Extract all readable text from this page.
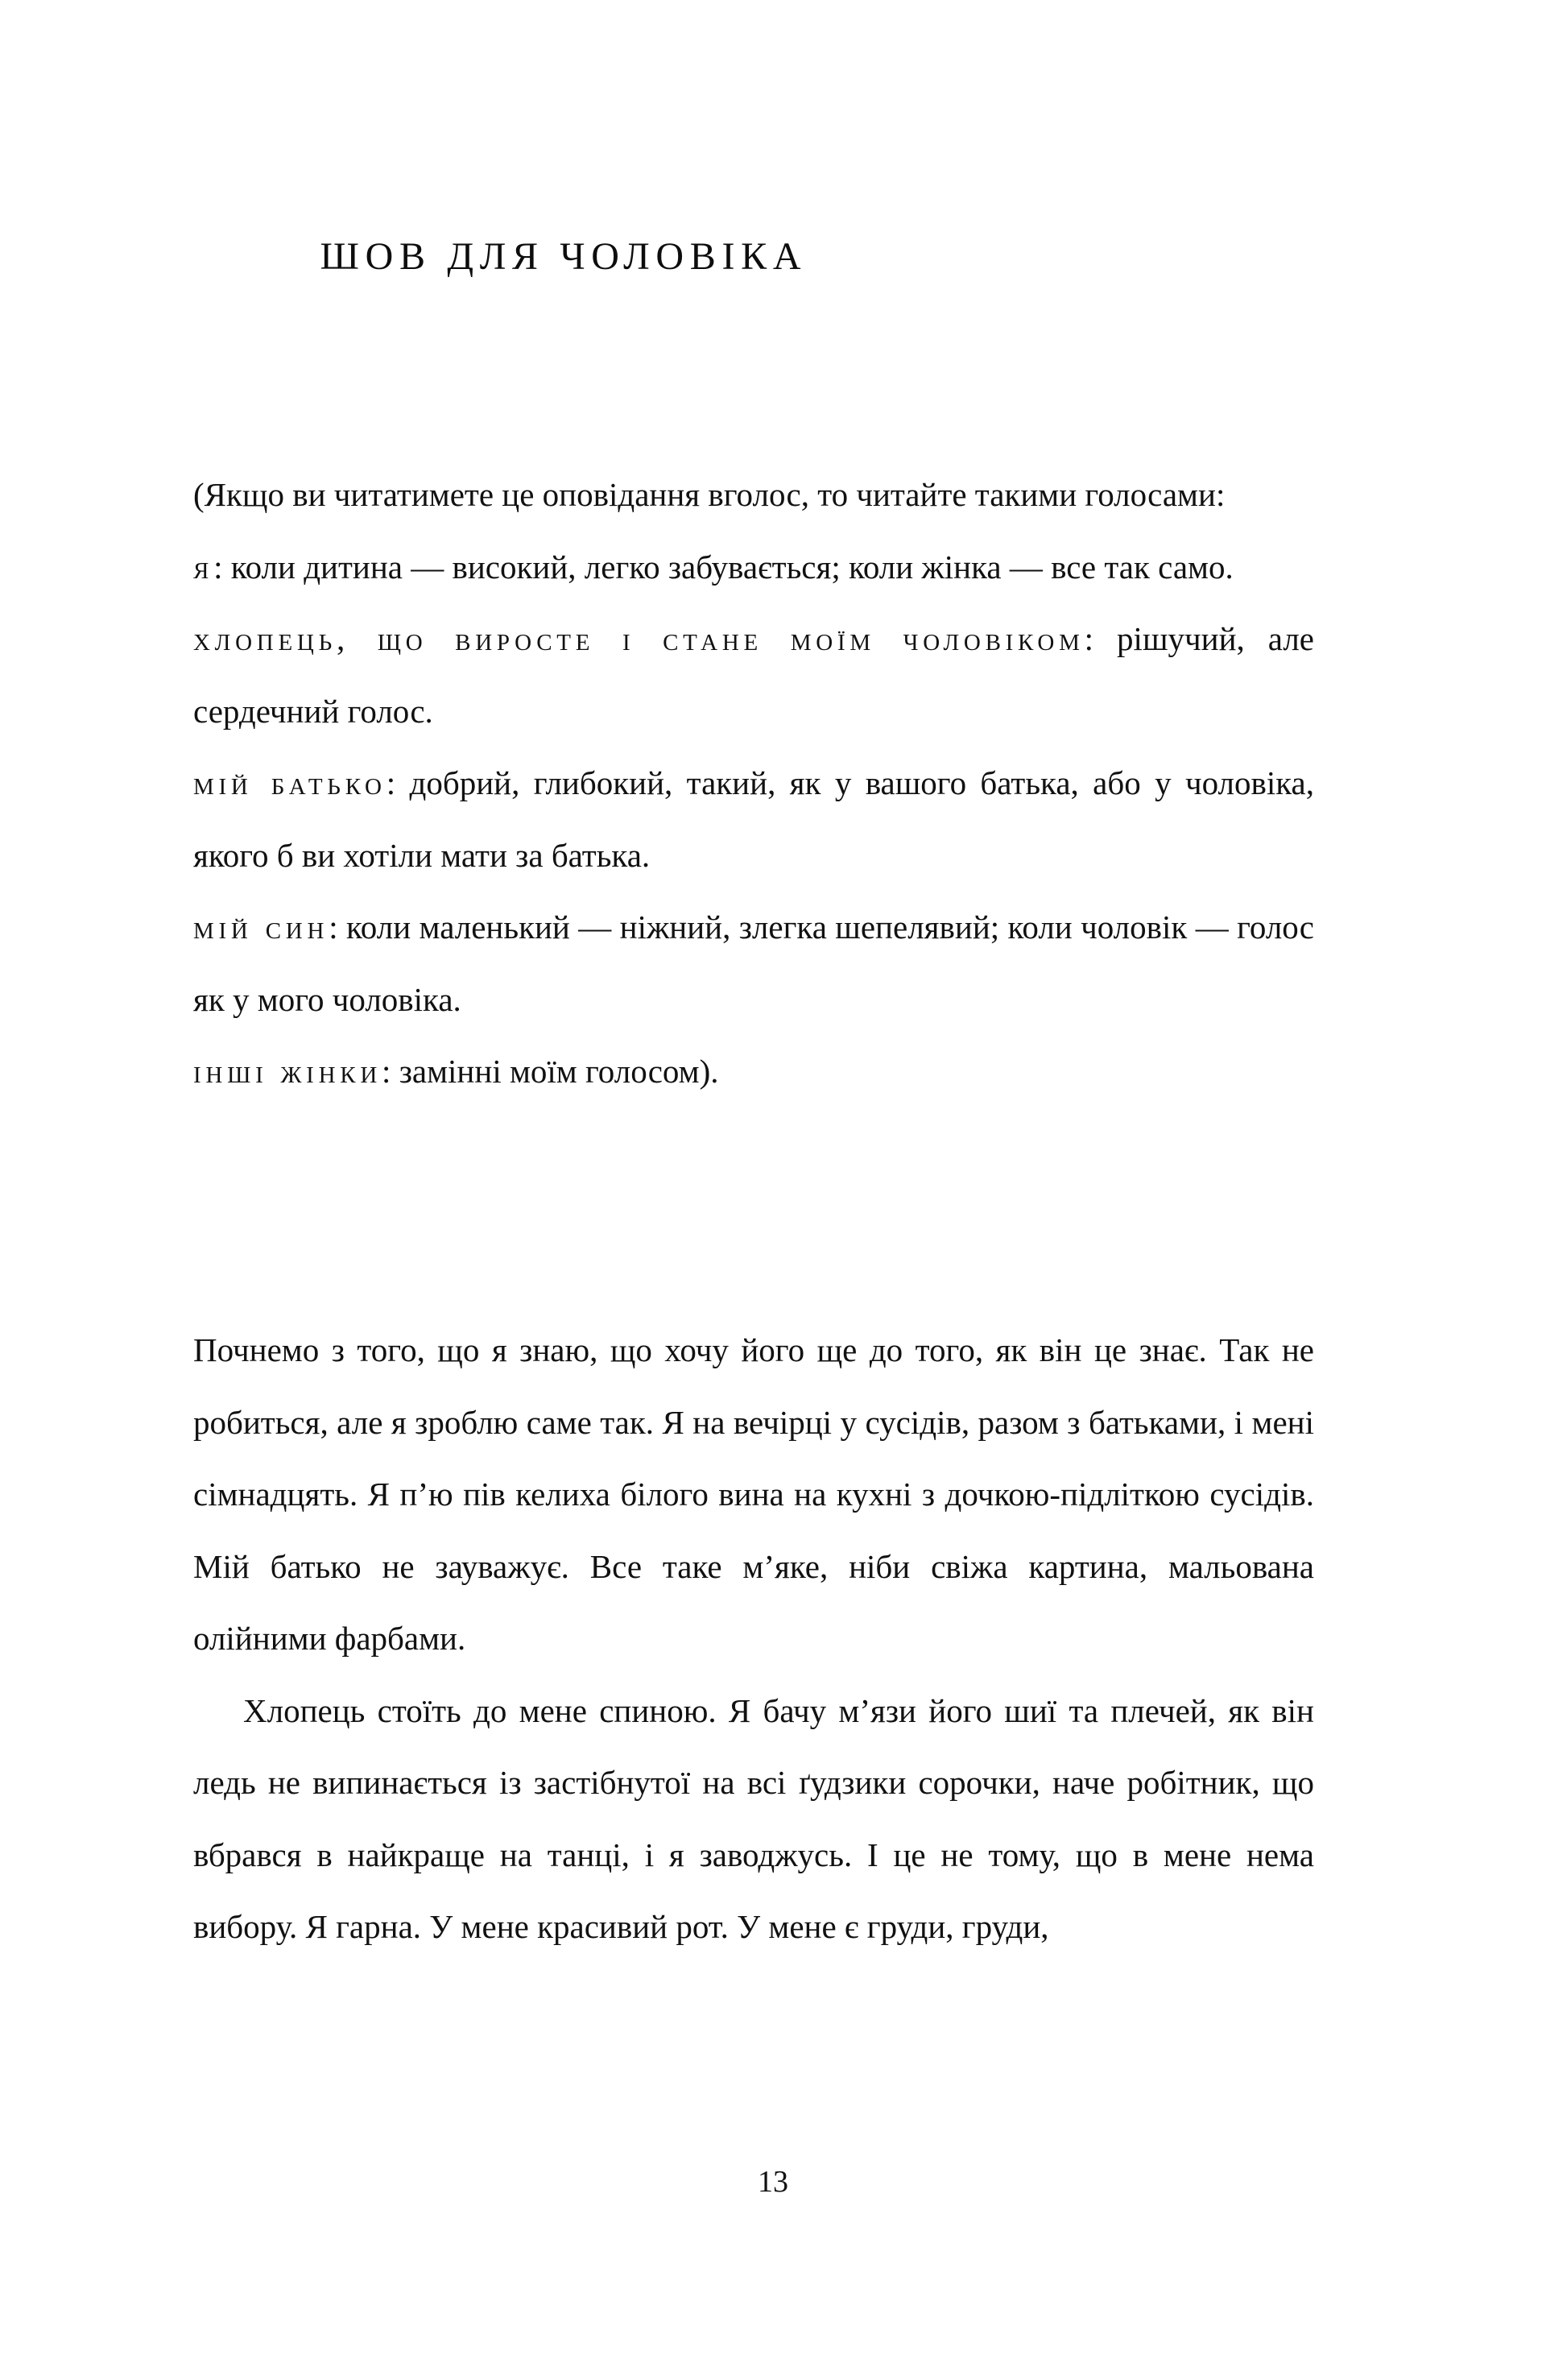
ШОВ ДЛЯ ЧОЛОВІКА

(Якщо ви читатимете це оповідання вголос, то читайте такими голосами:

я: коли дитина — високий, легко забувається; коли жінка — все так само.

хлопець, що виросте і стане моїм чоловіком: рішучий, але сердечний голос.

мій батько: добрий, глибокий, такий, як у вашого батька, або у чоловіка, якого б ви хотіли мати за батька.

мій син: коли маленький — ніжний, злегка шепелявий; коли чоловік — голос як у мого чоловіка.

інші жінки: замінні моїм голосом).

Почнемо з того, що я знаю, що хочу його ще до того, як він це знає. Так не робиться, але я зроблю саме так. Я на вечірці у сусідів, разом з батьками, і мені сімнадцять. Я п’ю пів келиха білого вина на кухні з дочкою-підліткою сусідів. Мій батько не зауважує. Все таке м’яке, ніби свіжа картина, мальована олійними фарбами.

Хлопець стоїть до мене спиною. Я бачу м’язи його шиї та плечей, як він ледь не випинається із застібнутої на всі ґудзики сорочки, наче робітник, що вбрався в найкраще на танці, і я заводжусь. І це не тому, що в мене нема вибору. Я гарна. У мене красивий рот. У мене є груди, груди,

13
